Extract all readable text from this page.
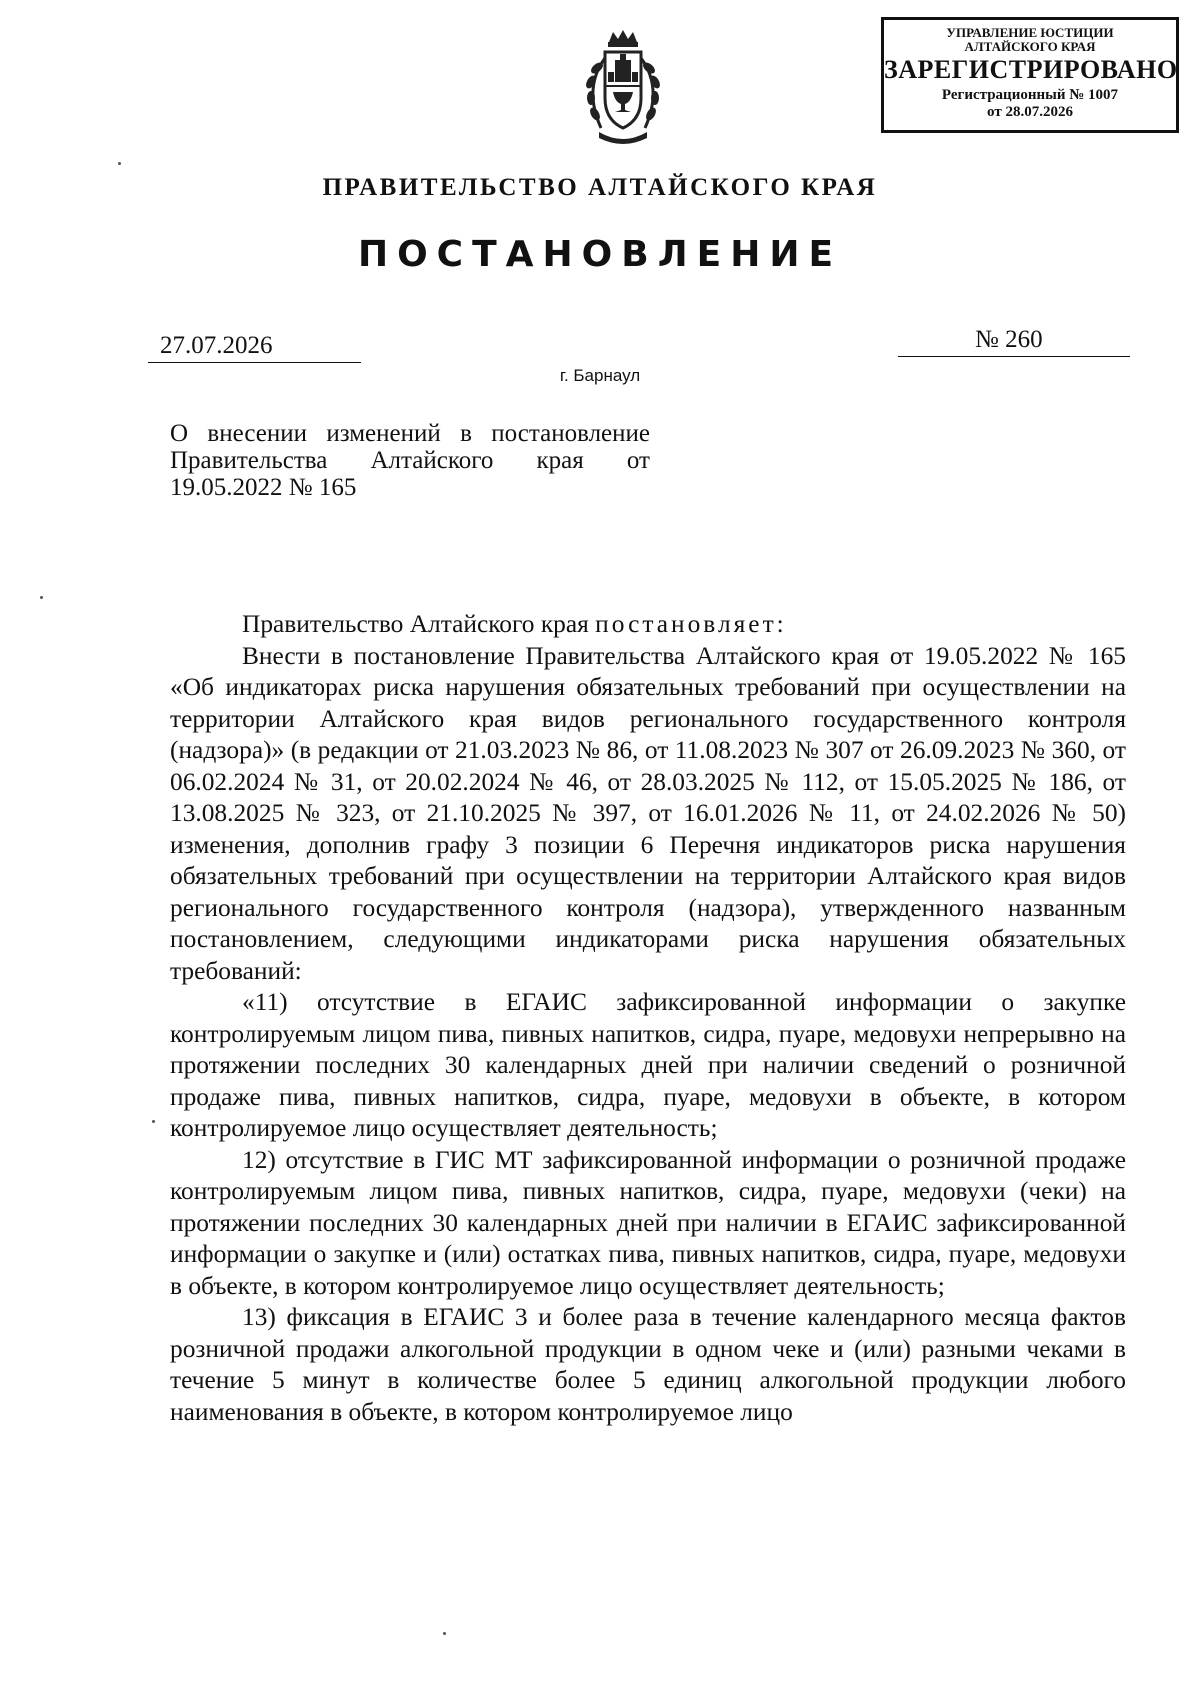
УПРАВЛЕНИЕ ЮСТИЦИИ
АЛТАЙСКОГО КРАЯ
ЗАРЕГИСТРИРОВАНО
Регистрационный № 1007
от 28.07.2026
ПРАВИТЕЛЬСТВО АЛТАЙСКОГО КРАЯ
ПОСТАНОВЛЕНИЕ
27.07.2026	№ 260
г. Барнаул
О внесении изменений в постановление Правительства Алтайского края от 19.05.2022 № 165

Правительство Алтайского края постановляет:

Внести в постановление Правительства Алтайского края от 19.05.2022 № 165 «Об индикаторах риска нарушения обязательных требований при осуществлении на территории Алтайского края видов регионального государственного контроля (надзора)» (в редакции от 21.03.2023 № 86, от 11.08.2023 № 307 от 26.09.2023 № 360, от 06.02.2024 № 31, от 20.02.2024 № 46, от 28.03.2025 № 112, от 15.05.2025 № 186, от 13.08.2025 № 323, от 21.10.2025 № 397, от 16.01.2026 № 11, от 24.02.2026 № 50) изменения, дополнив графу 3 позиции 6 Перечня индикаторов риска нарушения обязательных требований при осуществлении на территории Алтайского края видов регионального государственного контроля (надзора), утвержденного названным постановлением, следующими индикаторами риска нарушения обязательных требований:

«11) отсутствие в ЕГАИС зафиксированной информации о закупке контролируемым лицом пива, пивных напитков, сидра, пуаре, медовухи непрерывно на протяжении последних 30 календарных дней при наличии сведений о розничной продаже пива, пивных напитков, сидра, пуаре, медовухи в объекте, в котором контролируемое лицо осуществляет деятельность;

12) отсутствие в ГИС МТ зафиксированной информации о розничной продаже контролируемым лицом пива, пивных напитков, сидра, пуаре, медовухи (чеки) на протяжении последних 30 календарных дней при наличии в ЕГАИС зафиксированной информации о закупке и (или) остатках пива, пивных напитков, сидра, пуаре, медовухи в объекте, в котором контролируемое лицо осуществляет деятельность;

13) фиксация в ЕГАИС 3 и более раза в течение календарного месяца фактов розничной продажи алкогольной продукции в одном чеке и (или) разными чеками в течение 5 минут в количестве более 5 единиц алкогольной продукции любого наименования в объекте, в котором контролируемое лицо
